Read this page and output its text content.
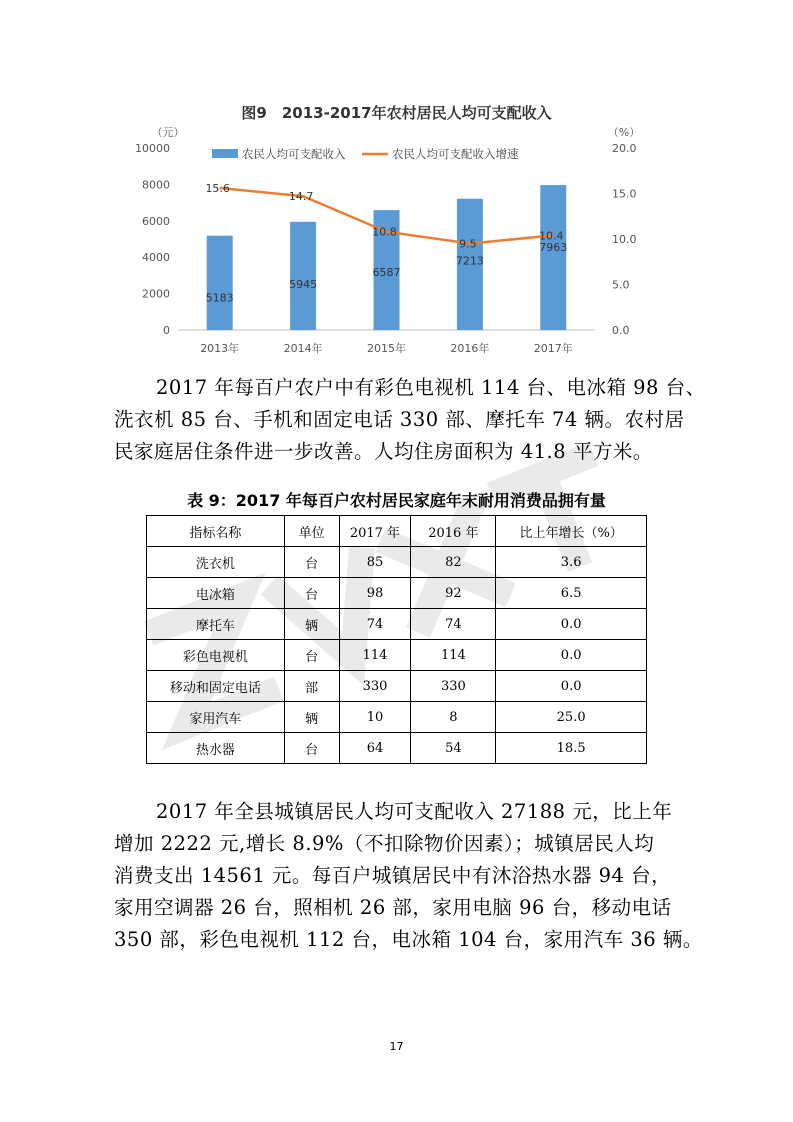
图9　2013-2017年农村居民人均可支配收入
（元）	（%）
0
2000
4000
6000
8000
10000
0.0
5.0
10.0
15.0
20.0
2013年	2014年	2015年	2016年	2017年
5183
5945
6587
7213
7963
15.6
14.7
10.8
9.5
10.4
农民人均可支配收入	农民人均可支配收入增速

2017 年每百户农户中有彩色电视机 114 台、电冰箱 98 台、

洗衣机 85 台、手机和固定电话 330 部、摩托车 74 辆。农村居
民家庭居住条件进一步改善。人均住房面积为 41.8 平方米。
表 9：2017 年每百户农村居民家庭年末耐用消费品拥有量
指标名称	单位	2017 年	2016 年	比上年增长（%）
洗衣机	台	85	82	3.6
电冰箱	台	98	92	6.5
摩托车	辆	74	74	0.0
彩色电视机	台	114	114	0.0
移动和固定电话	部	330	330	0.0
家用汽车	辆	10	8	25.0
热水器	台	64	54	18.5
2017 年全县城镇居民人均可支配收入 27188 元，比上年
增加 2222 元,增长 8.9%（不扣除物价因素）；城镇居民人均
消费支出 14561 元。每百户城镇居民中有沐浴热水器 94 台，
家用空调器 26 台，照相机 26 部，家用电脑 96 台，移动电话
350 部，彩色电视机 112 台，电冰箱 104 台，家用汽车 36 辆。
17
